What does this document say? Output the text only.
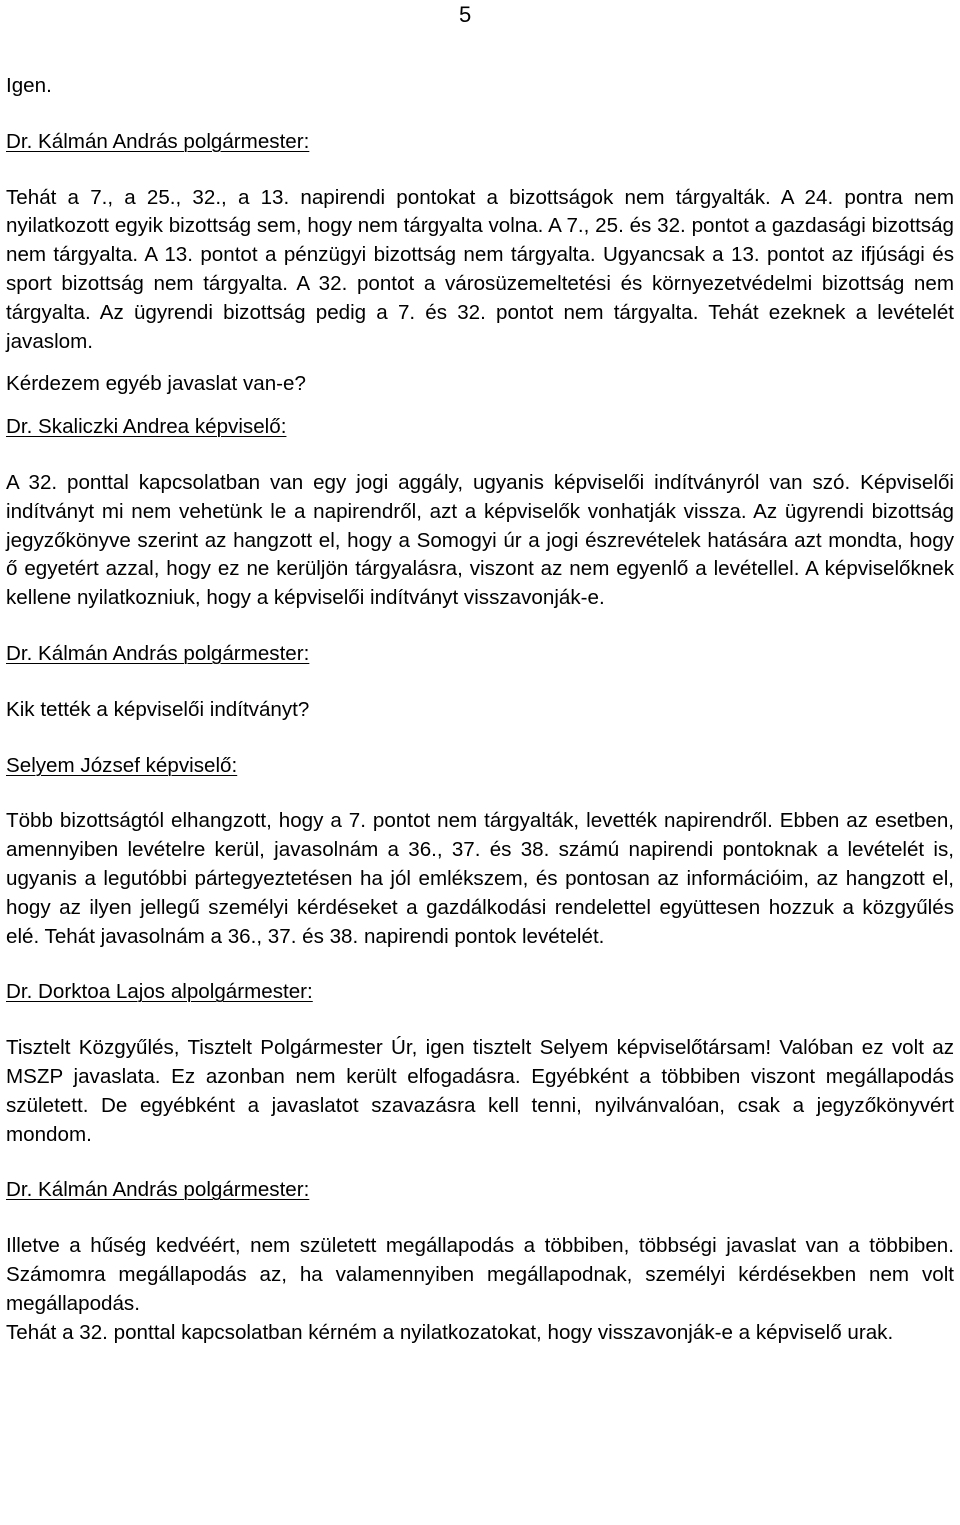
5

Igen.

Dr. Kálmán András polgármester:

Tehát a 7., a 25., 32., a 13. napirendi pontokat a bizottságok nem tárgyalták. A 24. pontra nem nyilatkozott egyik bizottság sem, hogy nem tárgyalta volna. A 7., 25. és 32. pontot a gazdasági bizottság nem tárgyalta. A 13. pontot a pénzügyi bizottság nem tárgyalta. Ugyancsak a 13. pontot az ifjúsági és sport bizottság nem tárgyalta. A 32. pontot a városüzemeltetési és környezetvédelmi bizottság nem tárgyalta. Az ügyrendi bizottság pedig a 7. és 32. pontot nem tárgyalta. Tehát ezeknek a levételét javaslom.

Kérdezem egyéb javaslat van-e?

Dr. Skaliczki Andrea képviselő:

A 32. ponttal kapcsolatban van egy jogi aggály, ugyanis képviselői indítványról van szó. Képviselői indítványt mi nem vehetünk le a napirendről, azt a képviselők vonhatják vissza. Az ügyrendi bizottság jegyzőkönyve szerint az hangzott el, hogy a Somogyi úr a jogi észrevételek hatására azt mondta, hogy ő egyetért azzal, hogy ez ne kerüljön tárgyalásra, viszont az nem egyenlő a levétellel. A képviselőknek kellene nyilatkozniuk, hogy a képviselői indítványt visszavonják-e.

Dr. Kálmán András polgármester:

Kik tették a képviselői indítványt?

Selyem József képviselő:

Több bizottságtól elhangzott, hogy a 7. pontot nem tárgyalták, levették napirendről. Ebben az esetben, amennyiben levételre kerül, javasolnám a 36., 37. és 38. számú napirendi pontoknak a levételét is, ugyanis a legutóbbi pártegyeztetésen ha jól emlékszem, és pontosan az információim, az hangzott el, hogy az ilyen jellegű személyi kérdéseket a gazdálkodási rendelettel együttesen hozzuk a közgyűlés elé. Tehát javasolnám a 36., 37. és 38. napirendi pontok levételét.

Dr. Dorktoa Lajos alpolgármester:

Tisztelt Közgyűlés, Tisztelt Polgármester Úr, igen tisztelt Selyem képviselőtársam! Valóban ez volt az MSZP javaslata. Ez azonban nem került elfogadásra. Egyébként a többiben viszont megállapodás született. De egyébként a javaslatot szavazásra kell tenni, nyilvánvalóan, csak a jegyzőkönyvért mondom.

Dr. Kálmán András polgármester:

Illetve a hűség kedvéért, nem született megállapodás a többiben, többségi javaslat van a többiben. Számomra megállapodás az, ha valamennyiben megállapodnak, személyi kérdésekben nem volt megállapodás.

Tehát a 32. ponttal kapcsolatban kérném a nyilatkozatokat, hogy visszavonják-e a képviselő urak.
